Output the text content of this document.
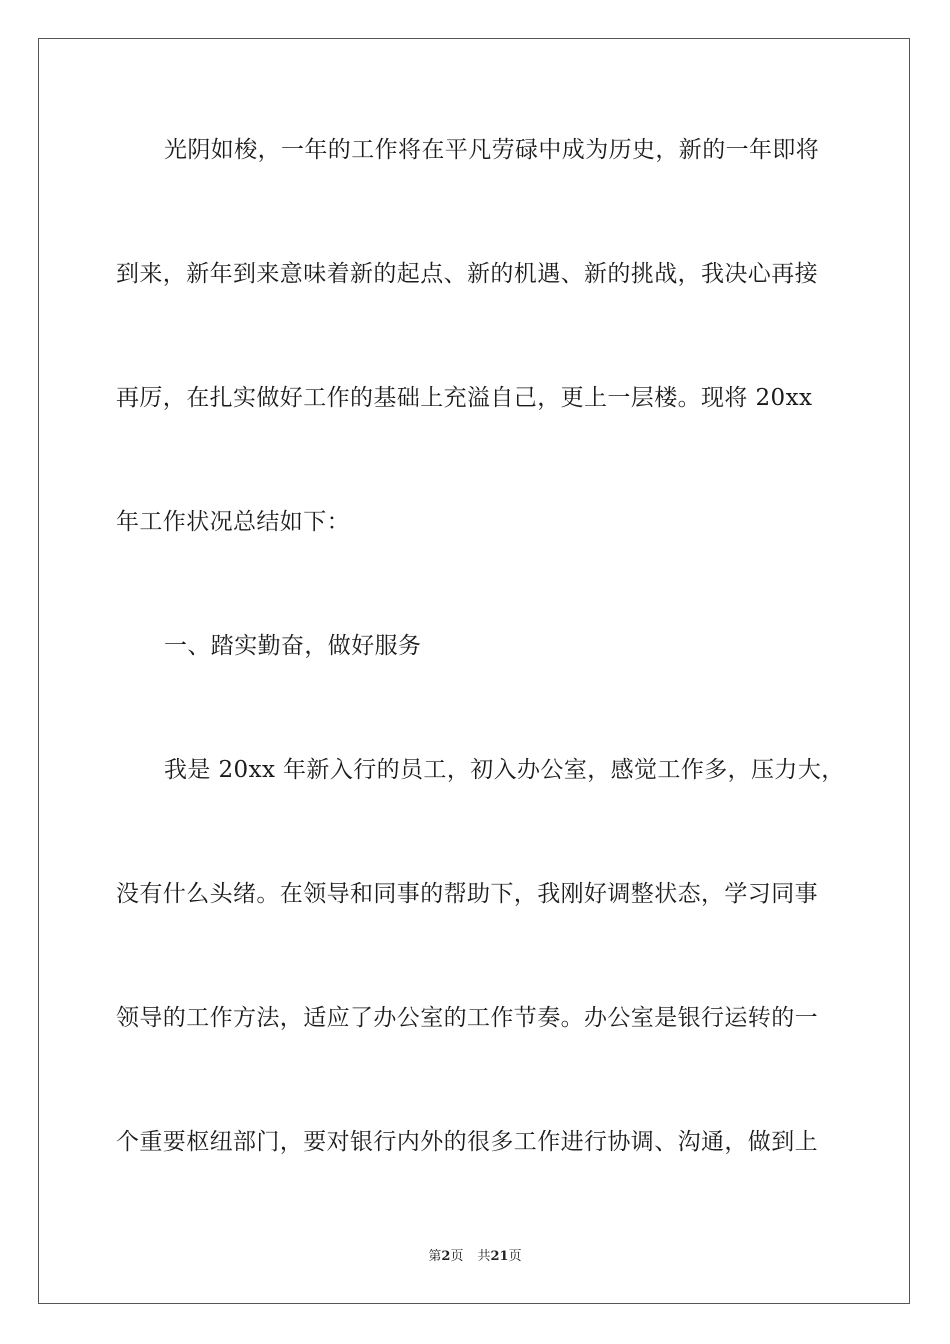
光阴如梭，一年的工作将在平凡劳碌中成为历史，新的一年即将
到来，新年到来意味着新的起点、新的机遇、新的挑战，我决心再接
再厉，在扎实做好工作的基础上充溢自己，更上一层楼。现将 20xx
年工作状况总结如下：
一、踏实勤奋，做好服务
我是 20xx 年新入行的员工，初入办公室，感觉工作多，压力大，
没有什么头绪。在领导和同事的帮助下，我刚好调整状态，学习同事
领导的工作方法，适应了办公室的工作节奏。办公室是银行运转的一
个重要枢纽部门，要对银行内外的很多工作进行协调、沟通，做到上
第2页 共21页
